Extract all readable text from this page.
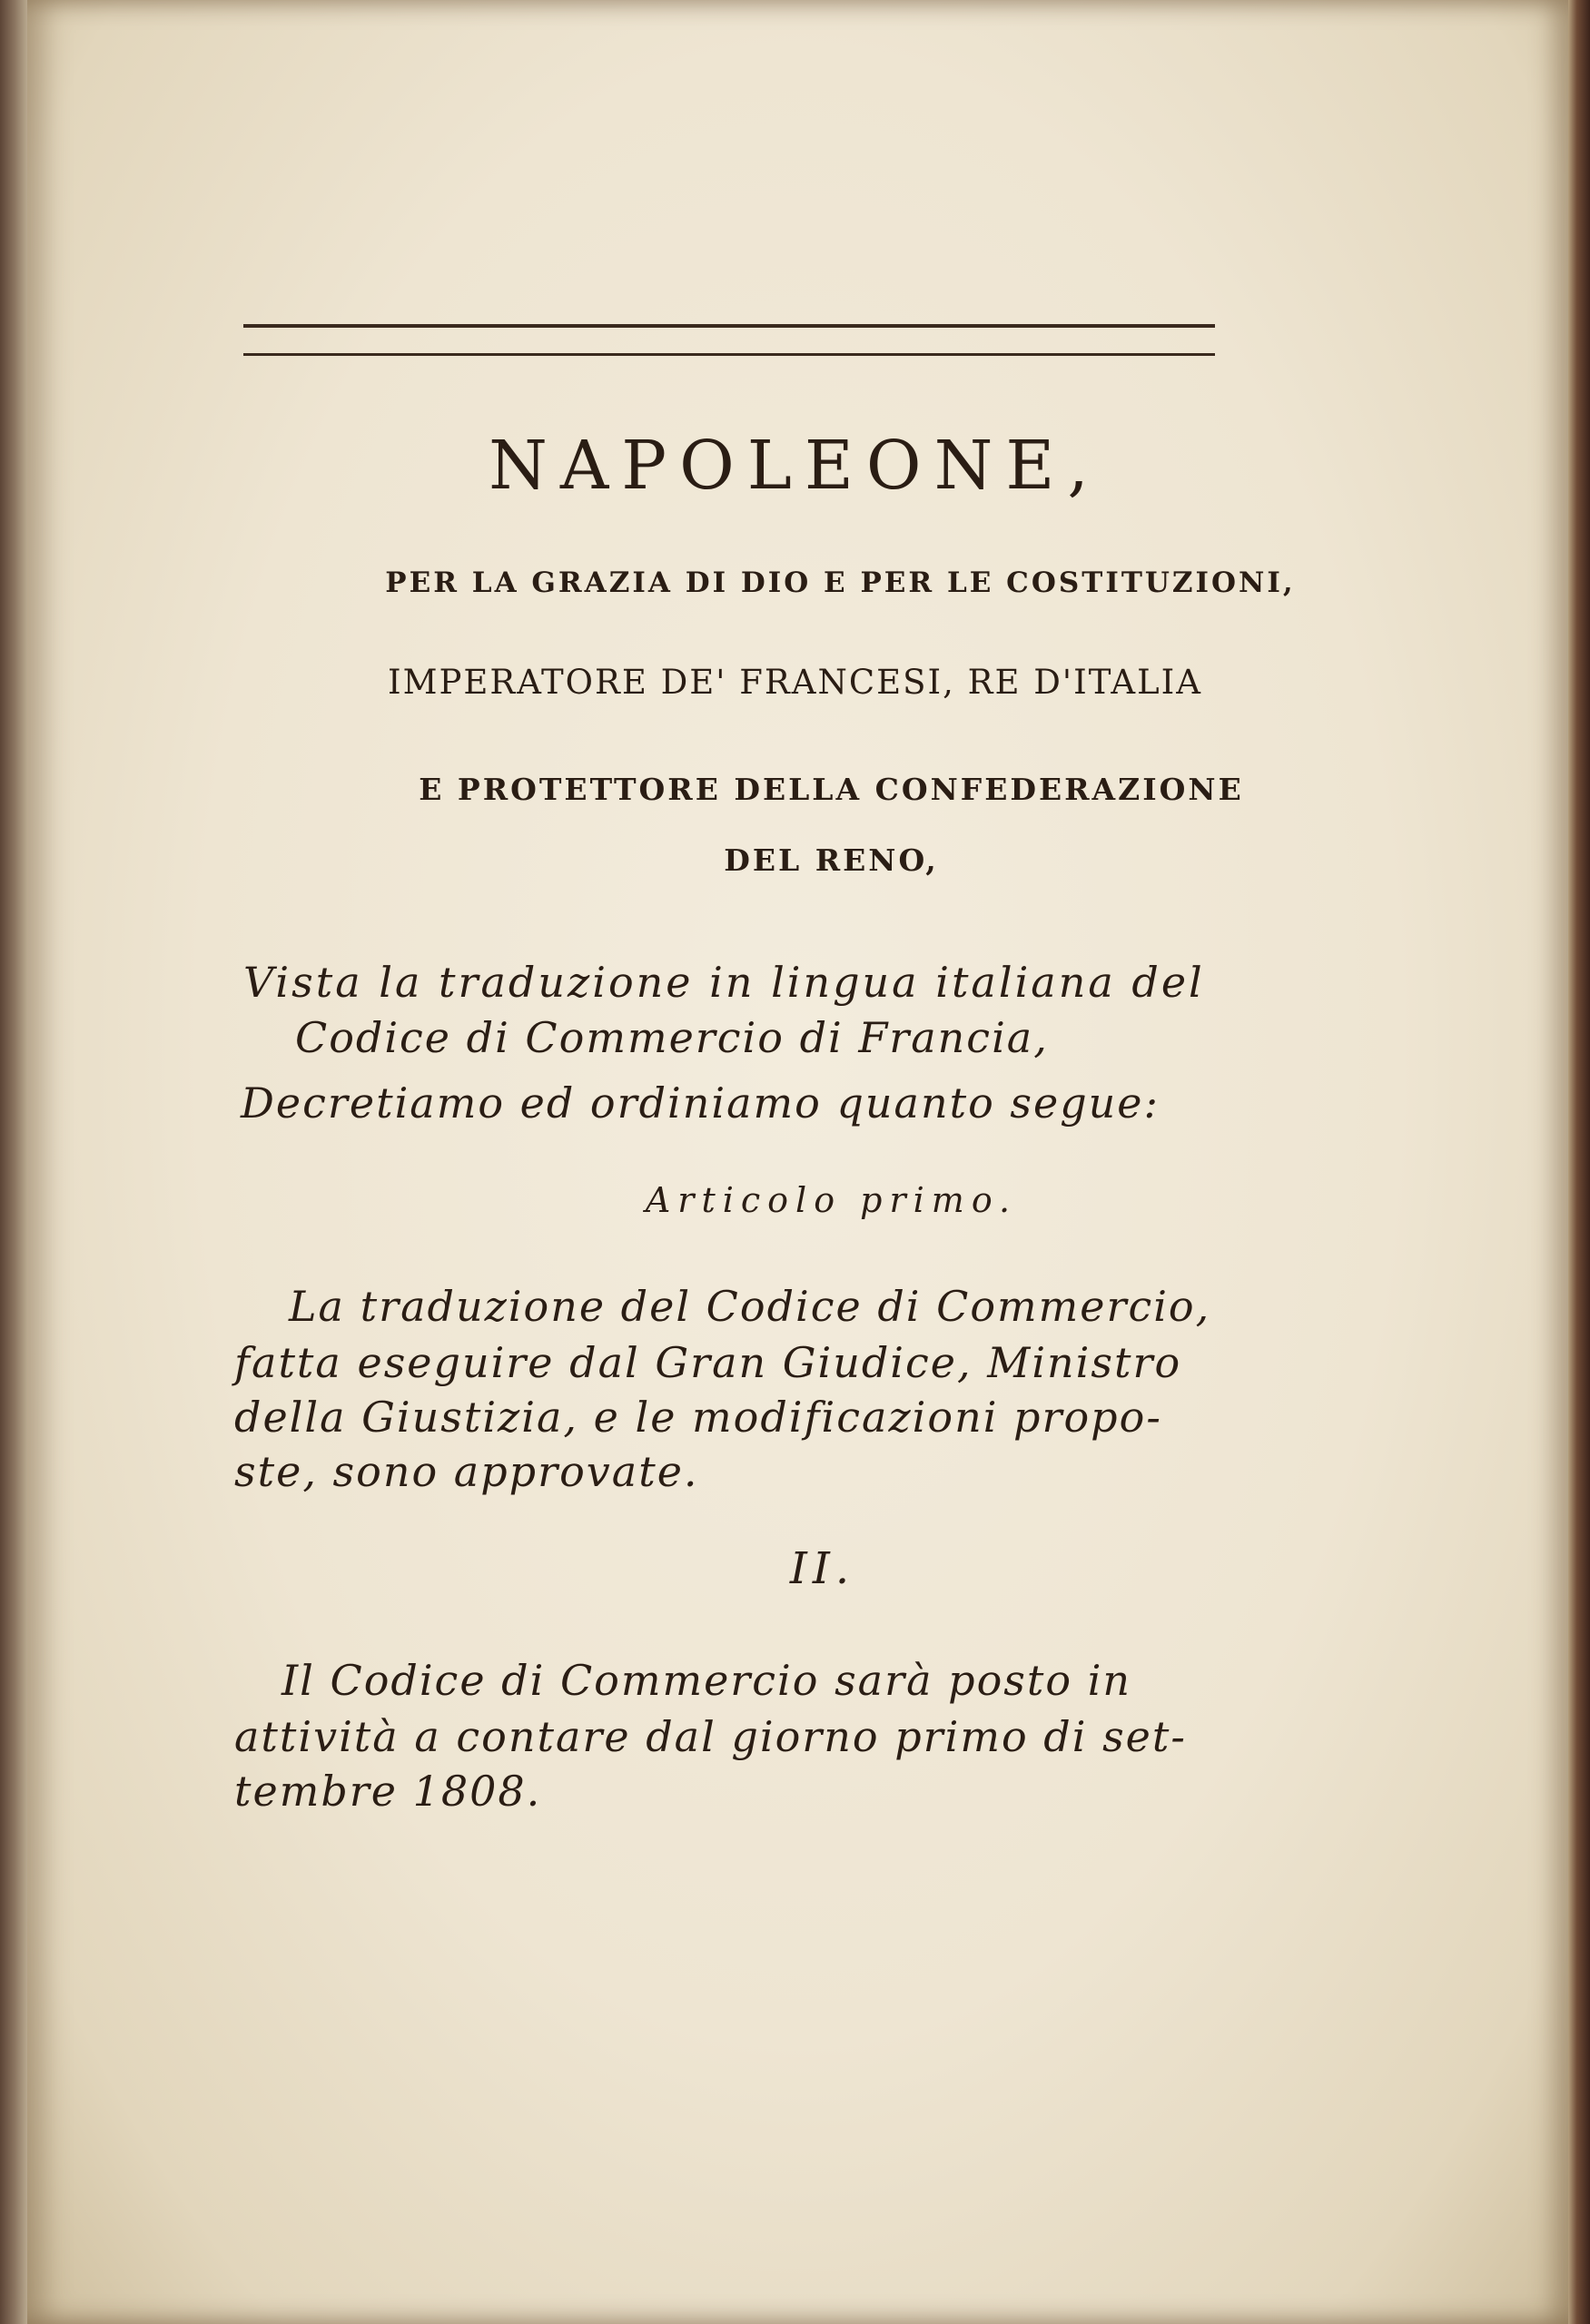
NAPOLEONE,
PER LA GRAZIA DI DIO E PER LE COSTITUZIONI,
IMPERATORE DE' FRANCESI, RE D'ITALIA
E PROTETTORE DELLA CONFEDERAZIONE
DEL RENO,
Vista la traduzione in lingua italiana del
Codice di Commercio di Francia,
Decretiamo ed ordiniamo quanto segue:
Articolo primo.
La traduzione del Codice di Commercio,
fatta eseguire dal Gran Giudice, Ministro
della Giustizia, e le modificazioni propo-
ste, sono approvate.
II.
Il Codice di Commercio sarà posto in
attività a contare dal giorno primo di set-
tembre 1808.
